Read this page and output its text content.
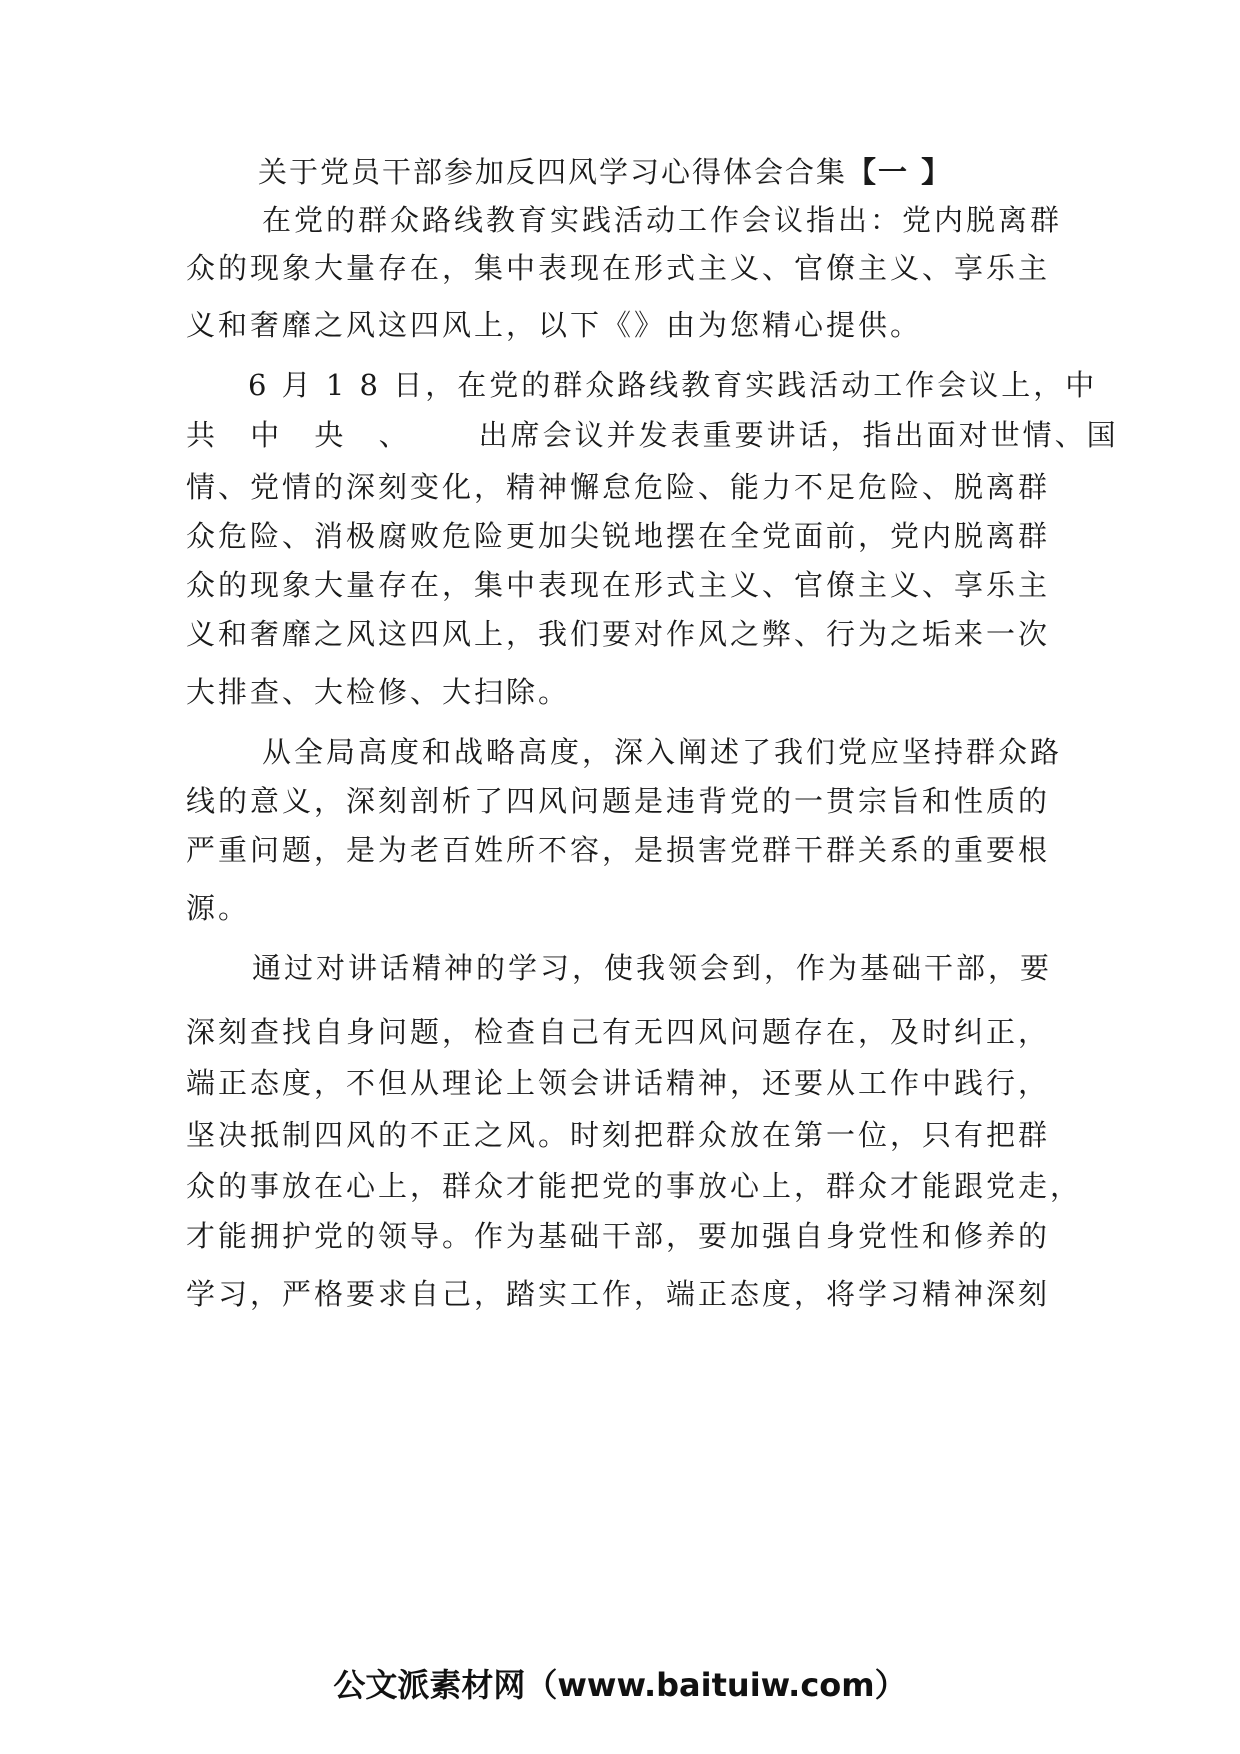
关于党员干部参加反四风学习心得体会合集【一 】
在党的群众路线教育实践活动工作会议指出：党内脱离群
众的现象大量存在，集中表现在形式主义、官僚主义、享乐主
义和奢靡之风这四风上，以下《》由为您精心提供。
6 月 1 8 日，在党的群众路线教育实践活动工作会议上，中
共 中 央 、 出席会议并发表重要讲话，指出面对世情、国
情、党情的深刻变化，精神懈怠危险、能力不足危险、脱离群
众危险、消极腐败危险更加尖锐地摆在全党面前，党内脱离群
众的现象大量存在，集中表现在形式主义、官僚主义、享乐主
义和奢靡之风这四风上，我们要对作风之弊、行为之垢来一次
大排查、大检修、大扫除。
从全局高度和战略高度，深入阐述了我们党应坚持群众路
线的意义，深刻剖析了四风问题是违背党的一贯宗旨和性质的
严重问题，是为老百姓所不容，是损害党群干群关系的重要根
源。
通过对讲话精神的学习，使我领会到，作为基础干部，要
深刻查找自身问题，检查自己有无四风问题存在，及时纠正，
端正态度，不但从理论上领会讲话精神，还要从工作中践行，
坚决抵制四风的不正之风。时刻把群众放在第一位，只有把群
众的事放在心上，群众才能把党的事放心上，群众才能跟党走，
才能拥护党的领导。作为基础干部，要加强自身党性和修养的
学习，严格要求自己，踏实工作，端正态度，将学习精神深刻
公文派素材网（www.baituiw.com）
